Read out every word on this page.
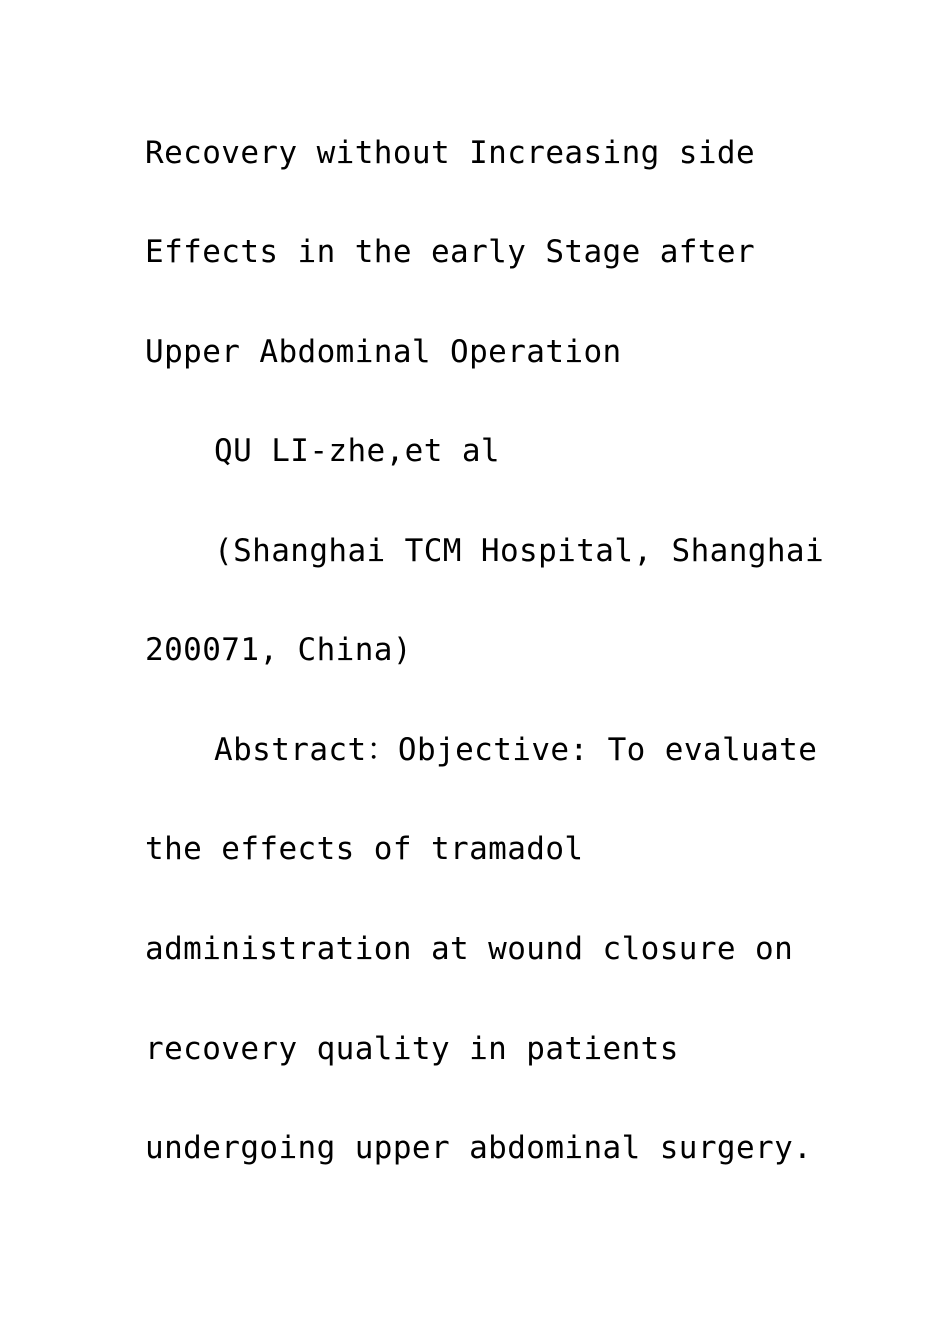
Recovery without Increasing side
Effects in the early Stage after
Upper Abdominal Operation
QU LI-zhe,et al
(Shanghai TCM Hospital, Shanghai
200071, China)
Abstract：Objective: To evaluate
the effects of tramadol
administration at wound closure on
recovery quality in patients
undergoing upper abdominal surgery.
